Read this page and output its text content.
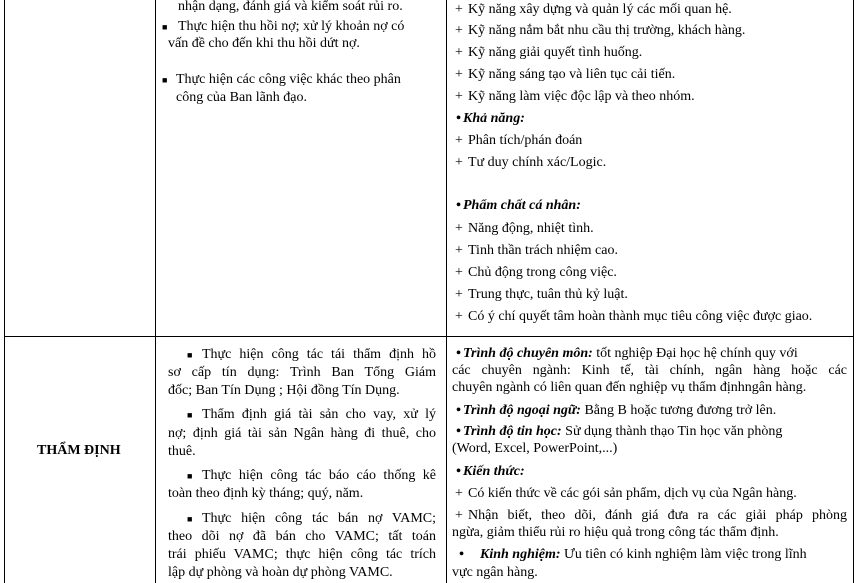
nhận dạng, đánh giá và kiểm soát rủi ro.
■ Thực hiện thu hồi nợ; xử lý khoản nợ có
vấn đề cho đến khi thu hồi dứt nợ.
■ Thực hiện các công việc khác theo phân
công của Ban lãnh đạo.
+ Kỹ năng xây dựng và quản lý các mối quan hệ.
+ Kỹ năng nắm bắt nhu cầu thị trường, khách hàng.
+ Kỹ năng giải quyết tình huống.
+ Kỹ năng sáng tạo và liên tục cải tiến.
+ Kỹ năng làm việc độc lập và theo nhóm.
• Khả năng:
+ Phân tích/phán đoán
+ Tư duy chính xác/Logic.
• Phẩm chất cá nhân:
+ Năng động, nhiệt tình.
+ Tinh thần trách nhiệm cao.
+ Chủ động trong công việc.
+ Trung thực, tuân thủ kỷ luật.
+ Có ý chí quyết tâm hoàn thành mục tiêu công việc được giao.
THẨM ĐỊNH
■ Thực hiện công tác tái thẩm định hồ
sơ cấp tín dụng: Trình Ban Tổng Giám
đốc; Ban Tín Dụng ; Hội đồng Tín Dụng.
■ Thẩm định giá tài sản cho vay, xử lý
nợ; định giá tài sản Ngân hàng đi thuê, cho
thuê.
■ Thực hiện công tác báo cáo thống kê
toàn theo định kỳ tháng; quý, năm.
■ Thực hiện công tác bán nợ VAMC;
theo dõi nợ đã bán cho VAMC; tất toán
trái phiếu VAMC; thực hiện công tác trích
lập dự phòng và hoàn dự phòng VAMC.
• Trình độ chuyên môn: tốt nghiệp Đại học hệ chính quy với
các chuyên ngành: Kinh tế, tài chính, ngân hàng hoặc các
chuyên ngành có liên quan đến nghiệp vụ thẩm địnhngân hàng.
• Trình độ ngoại ngữ: Bằng B hoặc tương đương trở lên.
• Trình độ tin học: Sử dụng thành thạo Tin học văn phòng
(Word, Excel, PowerPoint,...)
• Kiến thức:
+ Có kiến thức về các gói sản phẩm, dịch vụ của Ngân hàng.
+ Nhận biết, theo dõi, đánh giá đưa ra các giải pháp phòng
ngừa, giảm thiểu rủi ro hiệu quả trong công tác thẩm định.
• Kinh nghiệm: Ưu tiên có kinh nghiệm làm việc trong lĩnh
vực ngân hàng.
